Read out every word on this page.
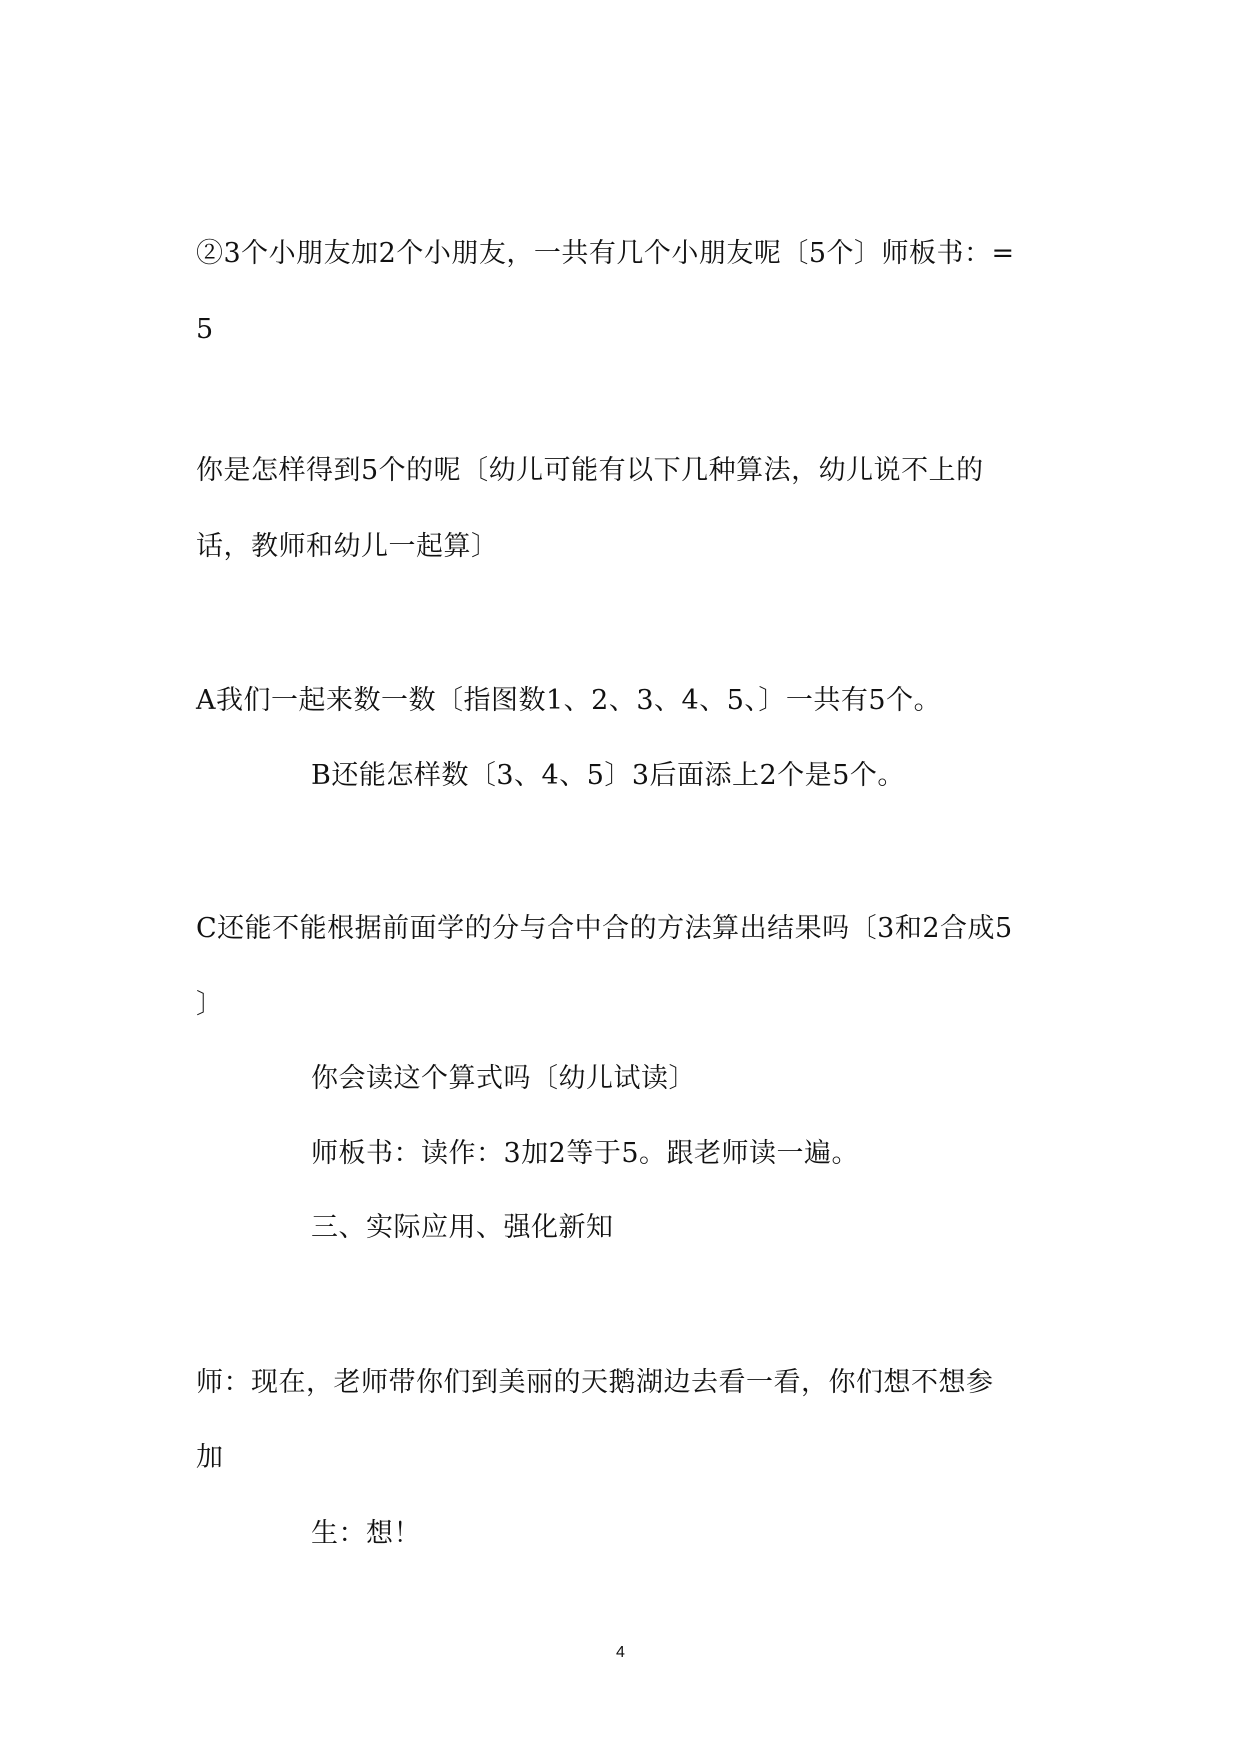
②3个小朋友加2个小朋友，一共有几个小朋友呢〔5个〕师板书：=

5

你是怎样得到5个的呢〔幼儿可能有以下几种算法，幼儿说不上的

话，教师和幼儿一起算〕

A我们一起来数一数〔指图数1、2、3、4、5、〕一共有5个。

B还能怎样数〔3、4、5〕3后面添上2个是5个。

C还能不能根据前面学的分与合中合的方法算出结果吗〔3和2合成5

〕

你会读这个算式吗〔幼儿试读〕

师板书：读作：3加2等于5。跟老师读一遍。

三、实际应用、强化新知

师：现在，老师带你们到美丽的天鹅湖边去看一看，你们想不想参

加

生：想！

4
